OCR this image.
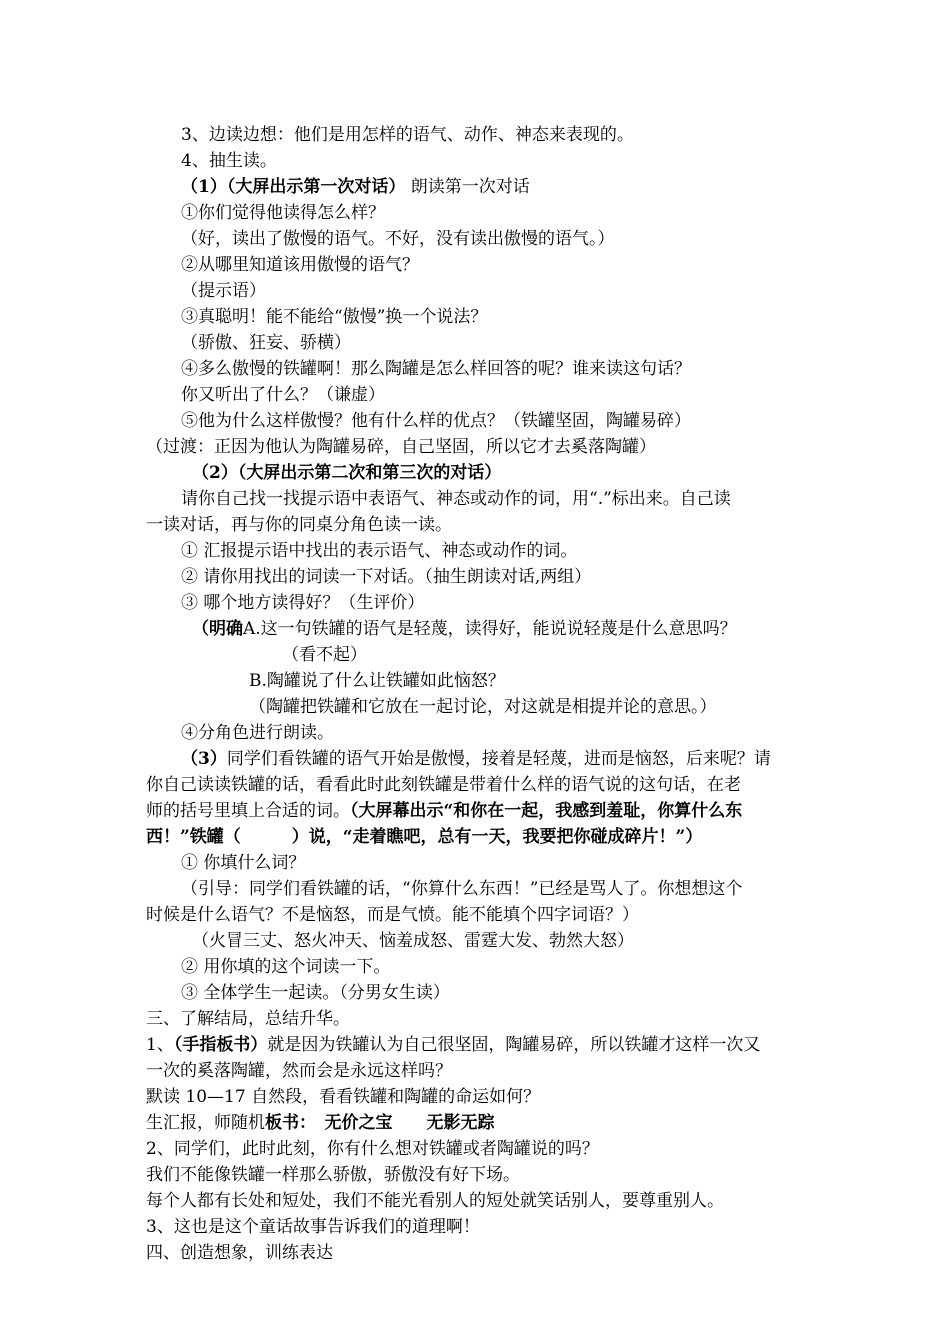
3、边读边想：他们是用怎样的语气、动作、神态来表现的。
4、抽生读。
（1）（大屏出示第一次对话） 朗读第一次对话
①你们觉得他读得怎么样？
（好，读出了傲慢的语气。不好，没有读出傲慢的语气。）
②从哪里知道该用傲慢的语气？
（提示语）
③真聪明！能不能给“傲慢”换一个说法？
（骄傲、狂妄、骄横）
④多么傲慢的铁罐啊！那么陶罐是怎么样回答的呢？谁来读这句话？
你又听出了什么？（谦虚）
⑤他为什么这样傲慢？他有什么样的优点？（铁罐坚固，陶罐易碎）
（过渡：正因为他认为陶罐易碎，自己坚固，所以它才去奚落陶罐）
（2）（大屏出示第二次和第三次的对话）
请你自己找一找提示语中表语气、神态或动作的词，用“.”标出来。自己读
一读对话，再与你的同桌分角色读一读。
① 汇报提示语中找出的表示语气、神态或动作的词。
② 请你用找出的词读一下对话。（抽生朗读对话,两组）
③ 哪个地方读得好？（生评价）
（明确A.这一句铁罐的语气是轻蔑，读得好，能说说轻蔑是什么意思吗？
（看不起）
B.陶罐说了什么让铁罐如此恼怒？
（陶罐把铁罐和它放在一起讨论，对这就是相提并论的意思。）
④分角色进行朗读。
（3）同学们看铁罐的语气开始是傲慢，接着是轻蔑，进而是恼怒，后来呢？请
你自己读读铁罐的话，看看此时此刻铁罐是带着什么样的语气说的这句话，在老
师的括号里填上合适的词。（大屏幕出示“和你在一起，我感到羞耻，你算什么东
西！”铁罐（　　　）说，“走着瞧吧，总有一天，我要把你碰成碎片！”）
① 你填什么词？
（引导：同学们看铁罐的话，“你算什么东西！”已经是骂人了。你想想这个
时候是什么语气？不是恼怒，而是气愤。能不能填个四字词语？）
（火冒三丈、怒火冲天、恼羞成怒、雷霆大发、勃然大怒）
② 用你填的这个词读一下。
③ 全体学生一起读。（分男女生读）
三、了解结局，总结升华。
1、（手指板书）就是因为铁罐认为自己很坚固，陶罐易碎，所以铁罐才这样一次又
一次的奚落陶罐，然而会是永远这样吗？
默读 10—17 自然段，看看铁罐和陶罐的命运如何？
生汇报，师随机板书：　无价之宝　　无影无踪
2、同学们，此时此刻，你有什么想对铁罐或者陶罐说的吗？
我们不能像铁罐一样那么骄傲，骄傲没有好下场。
每个人都有长处和短处，我们不能光看别人的短处就笑话别人，要尊重别人。
3、这也是这个童话故事告诉我们的道理啊！
四、创造想象，训练表达
